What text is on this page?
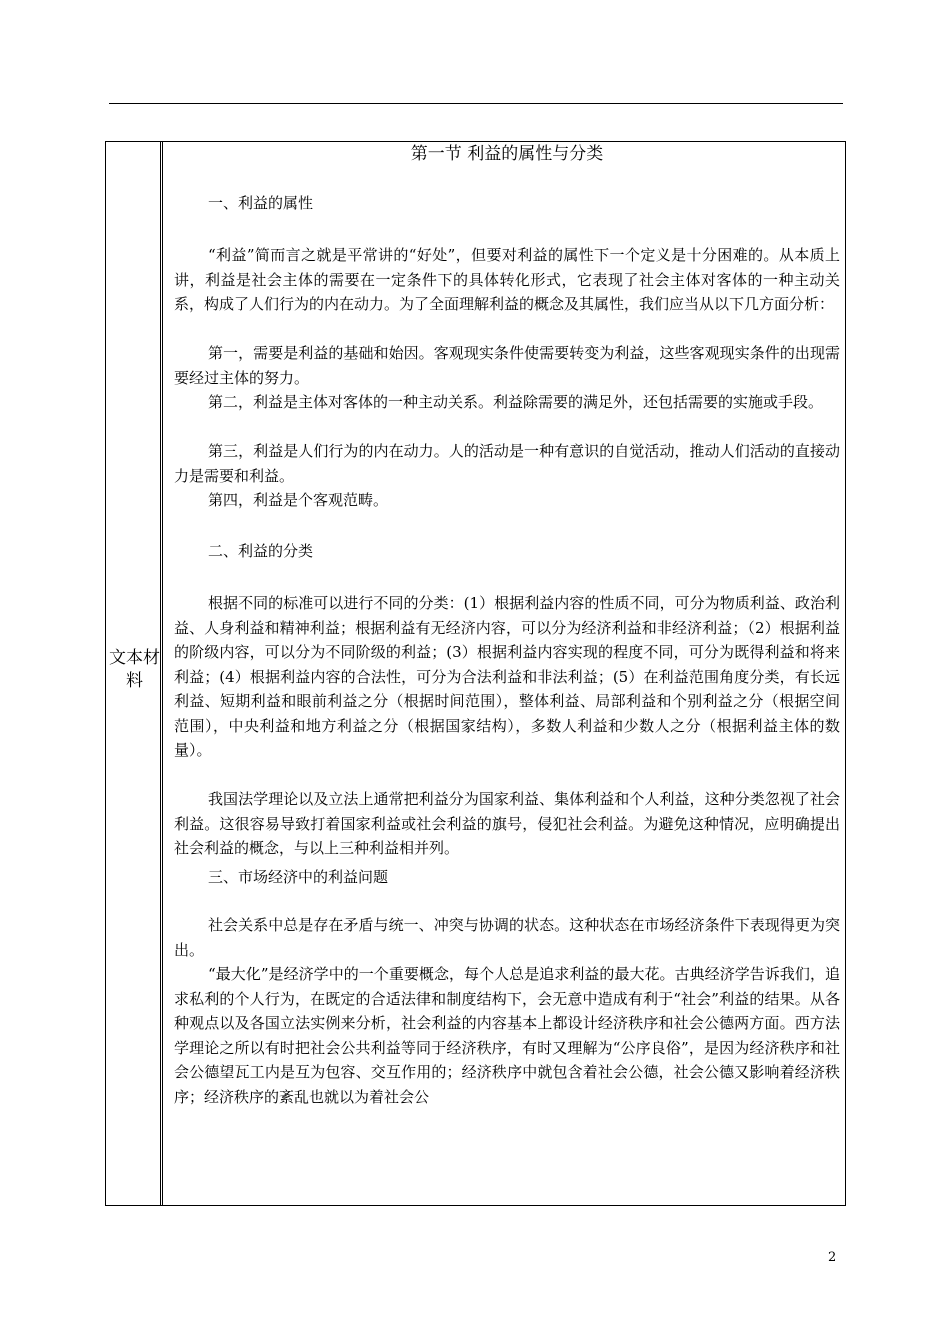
文本材料
第一节 利益的属性与分类
一、利益的属性

“利益”简而言之就是平常讲的“好处”，但要对利益的属性下一个定义是十分困难的。从本质上讲，利益是社会主体的需要在一定条件下的具体转化形式，它表现了社会主体对客体的一种主动关系，构成了人们行为的内在动力。为了全面理解利益的概念及其属性，我们应当从以下几方面分析：

第一，需要是利益的基础和始因。客观现实条件使需要转变为利益，这些客观现实条件的出现需要经过主体的努力。

第二，利益是主体对客体的一种主动关系。利益除需要的满足外，还包括需要的实施或手段。

第三，利益是人们行为的内在动力。人的活动是一种有意识的自觉活动，推动人们活动的直接动力是需要和利益。

第四，利益是个客观范畴。

二、利益的分类

根据不同的标准可以进行不同的分类：(1）根据利益内容的性质不同，可分为物质利益、政治利益、人身利益和精神利益；根据利益有无经济内容，可以分为经济利益和非经济利益；（2）根据利益的阶级内容，可以分为不同阶级的利益；(3）根据利益内容实现的程度不同，可分为既得利益和将来利益；(4）根据利益内容的合法性，可分为合法利益和非法利益；(5）在利益范围角度分类，有长远利益、短期利益和眼前利益之分（根据时间范围），整体利益、局部利益和个别利益之分（根据空间范围），中央利益和地方利益之分（根据国家结构），多数人利益和少数人之分（根据利益主体的数量）。

我国法学理论以及立法上通常把利益分为国家利益、集体利益和个人利益，这种分类忽视了社会利益。这很容易导致打着国家利益或社会利益的旗号，侵犯社会利益。为避免这种情况，应明确提出社会利益的概念，与以上三种利益相并列。

三、市场经济中的利益问题

社会关系中总是存在矛盾与统一、冲突与协调的状态。这种状态在市场经济条件下表现得更为突出。

“最大化”是经济学中的一个重要概念，每个人总是追求利益的最大花。古典经济学告诉我们，追求私利的个人行为，在既定的合适法律和制度结构下，会无意中造成有利于“社会”利益的结果。从各种观点以及各国立法实例来分析，社会利益的内容基本上都设计经济秩序和社会公德两方面。西方法学理论之所以有时把社会公共利益等同于经济秩序，有时又理解为“公序良俗”，是因为经济秩序和社会公德望瓦工内是互为包容、交互作用的；经济秩序中就包含着社会公德，社会公德又影响着经济秩序；经济秩序的紊乱也就以为着社会公

2
